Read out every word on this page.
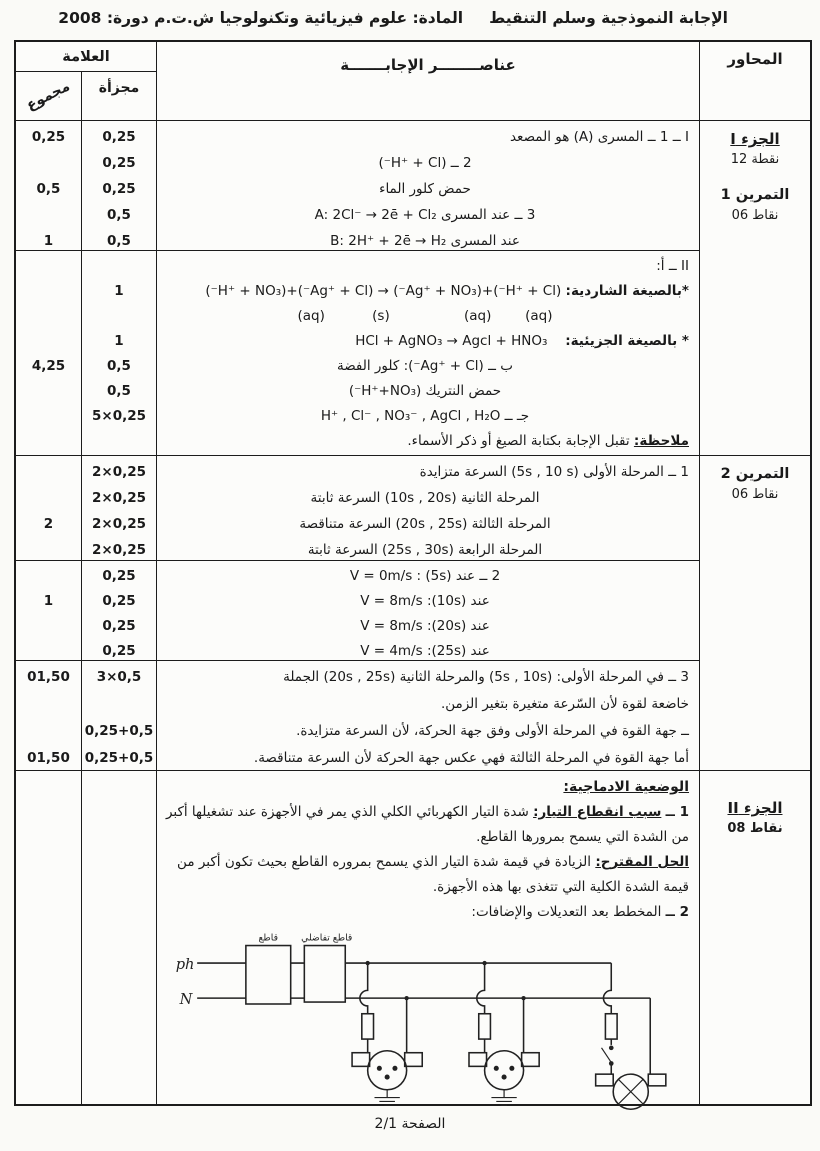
الإجابة النموذجية وسلم التنقيط
المادة: علوم فيزيائية وتكنولوجيا ش.ت.م دورة: 2008
العلامة
مجموع	مجزأة
عناصــــــــر الإجابـــــــة	المحاور
الجزء I
12 نقطة
التمرين 1
06 نقاط
التمرين 2
06 نقاط
الجزء II
08 نقاط
0,25
0,5
1
0,25
0,25
0,25
0,5
0,5
I ــ 1 ــ المسرى (A) هو المصعد
2 ــ (H⁺ + Cl⁻)
حمض كلور الماء
3 ــ عند المسرى A: 2Cl⁻ → 2ē + Cl₂
عند المسرى B: 2H⁺ + 2ē → H₂
4,25
1
1
0,5
0,5
5×0,25
II ــ أ:
*بالصيغة الشاردية: (H⁺ + Cl⁻)+(Ag⁺ + NO₃⁻) → (Ag⁺ + Cl⁻)+(H⁺ + NO₃⁻)
(aq)   (aq)      (s)    (aq)
* بالصيغة الجزيئية:   HCl + AgNO₃ → Agcl + HNO₃
ب ــ (Ag⁺ + Cl⁻): كلور الفضة
حمض النتريك (H⁺+NO₃⁻)
جـ ــ H⁺ , Cl⁻ , NO₃⁻ , AgCl , H₂O
ملاحظة: تقبل الإجابة بكتابة الصيغ أو ذكر الأسماء.
2
2×0,25
2×0,25
2×0,25
2×0,25
1 ــ المرحلة الأولى (5s , 10 s) السرعة متزايدة
المرحلة الثانية (10s , 20s) السرعة ثابتة
المرحلة الثالثة (20s , 25s) السرعة متناقصة
المرحلة الرابعة (25s , 30s) السرعة ثابتة
1
0,25
0,25
0,25
0,25
2 ــ عند (5s) : V = 0m/s
عند (10s): V = 8m/s
عند (20s): V = 8m/s
عند (25s): V = 4m/s
01,50
01,50
3×0,5
0,25+0,5
0,25+0,5
3 ــ في المرحلة الأولى: (5s , 10s) والمرحلة الثانية (20s , 25s) الجملة
خاضعة لقوة لأن السّرعة متغيرة بتغير الزمن.
ــ جهة القوة في المرحلة الأولى وفق جهة الحركة، لأن السرعة متزايدة.
أما جهة القوة في المرحلة الثالثة فهي عكس جهة الحركة لأن السرعة متناقصة.
الوضعية الادماجية:

1 ــ سبب انقطاع التيار: شدة التيار الكهربائي الكلي الذي يمر في الأجهزة عند تشغيلها أكبر من الشدة التي يسمح بمرورها القاطع.

الحل المقترح: الزيادة في قيمة شدة التيار الذي يسمح بمروره القاطع بحيث تكون أكبر من قيمة الشدة الكلية التي تتغذى بها هذه الأجهزة.

2 ــ المخطط بعد التعديلات والإضافات:

ph
N
قاطع قاطع تفاضلي
الصفحة 2/1
